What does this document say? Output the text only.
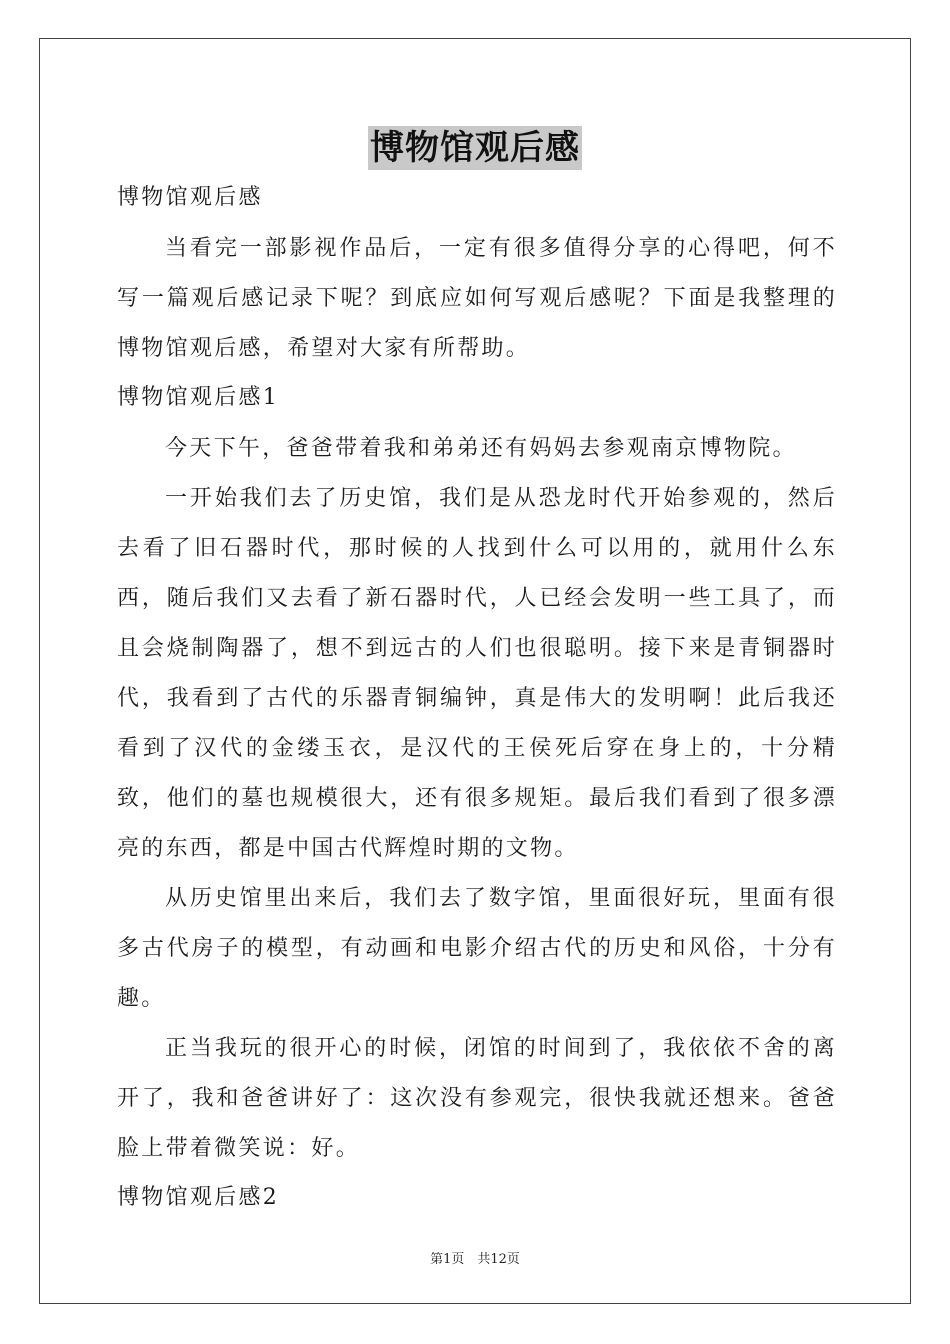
博物馆观后感

博物馆观后感

当看完一部影视作品后，一定有很多值得分享的心得吧，何不写一篇观后感记录下呢？到底应如何写观后感呢？下面是我整理的博物馆观后感，希望对大家有所帮助。

博物馆观后感1

今天下午，爸爸带着我和弟弟还有妈妈去参观南京博物院。

一开始我们去了历史馆，我们是从恐龙时代开始参观的，然后去看了旧石器时代，那时候的人找到什么可以用的，就用什么东西，随后我们又去看了新石器时代，人已经会发明一些工具了，而且会烧制陶器了，想不到远古的人们也很聪明。接下来是青铜器时代，我看到了古代的乐器青铜编钟，真是伟大的发明啊！此后我还看到了汉代的金缕玉衣，是汉代的王侯死后穿在身上的，十分精致，他们的墓也规模很大，还有很多规矩。最后我们看到了很多漂亮的东西，都是中国古代辉煌时期的文物。

从历史馆里出来后，我们去了数字馆，里面很好玩，里面有很多古代房子的模型，有动画和电影介绍古代的历史和风俗，十分有趣。

正当我玩的很开心的时候，闭馆的时间到了，我依依不舍的离开了，我和爸爸讲好了：这次没有参观完，很快我就还想来。爸爸脸上带着微笑说：好。

博物馆观后感2

第1页　共12页
